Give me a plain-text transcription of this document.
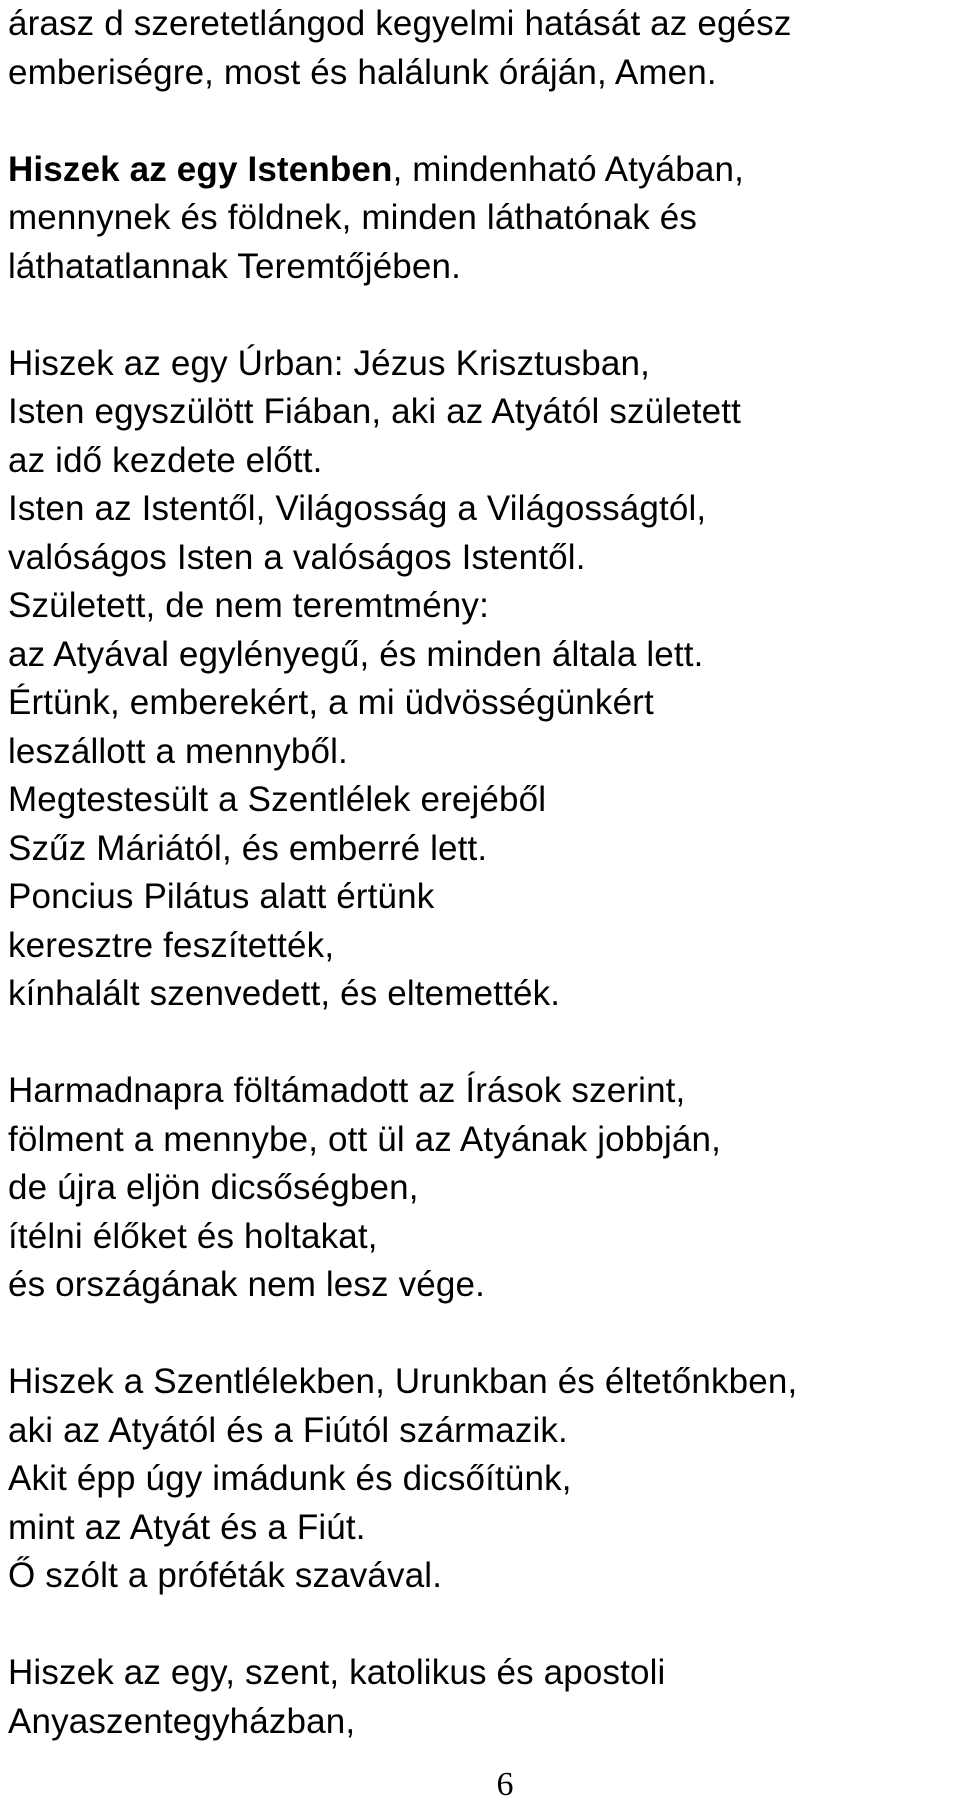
árasz d szeretetlángod kegyelmi hatását az egész
emberiségre, most és halálunk óráján, Amen.
Hiszek az egy Istenben, mindenható Atyában,
mennynek és földnek, minden láthatónak és
láthatatlannak Teremtőjében.
Hiszek az egy Úrban: Jézus Krisztusban,
Isten egyszülött Fiában, aki az Atyától született
az idő kezdete előtt.
Isten az Istentől, Világosság a Világosságtól,
valóságos Isten a valóságos Istentől.
Született, de nem teremtmény:
az Atyával egylényegű, és minden általa lett.
Értünk, emberekért, a mi üdvösségünkért
leszállott a mennyből.
Megtestesült a Szentlélek erejéből
Szűz Máriától, és emberré lett.
Poncius Pilátus alatt értünk
keresztre feszítették,
kínhalált szenvedett, és eltemették.
Harmadnapra föltámadott az Írások szerint,
fölment a mennybe, ott ül az Atyának jobbján,
de újra eljön dicsőségben,
ítélni élőket és holtakat,
és országának nem lesz vége.
Hiszek a Szentlélekben, Urunkban és éltetőnkben,
aki az Atyától és a Fiútól származik.
Akit épp úgy imádunk és dicsőítünk,
mint az Atyát és a Fiút.
Ő szólt a próféták szavával.
Hiszek az egy, szent, katolikus és apostoli
Anyaszentegyházban,
6
